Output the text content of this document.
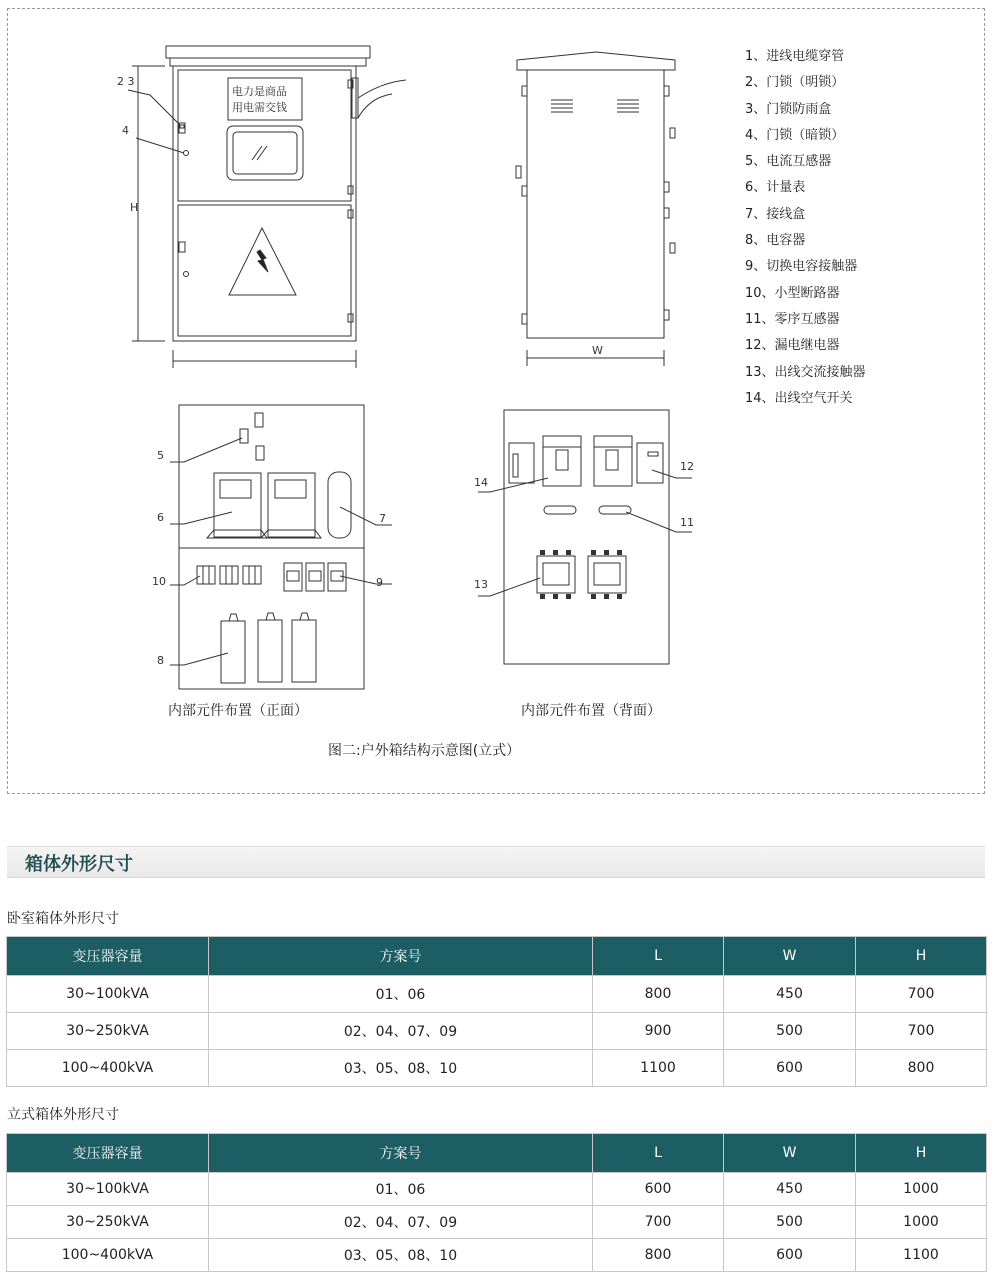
电力是商品
用电需交钱
2 3
4
H
W
5
6	7
10	9
8
14
12
11
13
1、进线电缆穿管
2、门锁（明锁）
3、门锁防雨盒
4、门锁（暗锁）
5、电流互感器
6、计量表
7、接线盒
8、电容器
9、切换电容接触器
10、小型断路器
11、零序互感器
12、漏电继电器
13、出线交流接触器
14、出线空气开关
内部元件布置（正面）	内部元件布置（背面）
图二:户外箱结构示意图(立式）
箱体外形尺寸
卧室箱体外形尺寸
变压器容量	方案号	L	W	H
30~100kVA	01、06	800	450	700
30~250kVA	02、04、07、09	900	500	700
100~400kVA	03、05、08、10	1100	600	800
立式箱体外形尺寸
变压器容量	方案号	L	W	H
30~100kVA	01、06	600	450	1000
30~250kVA	02、04、07、09	700	500	1000
100~400kVA	03、05、08、10	800	600	1100
